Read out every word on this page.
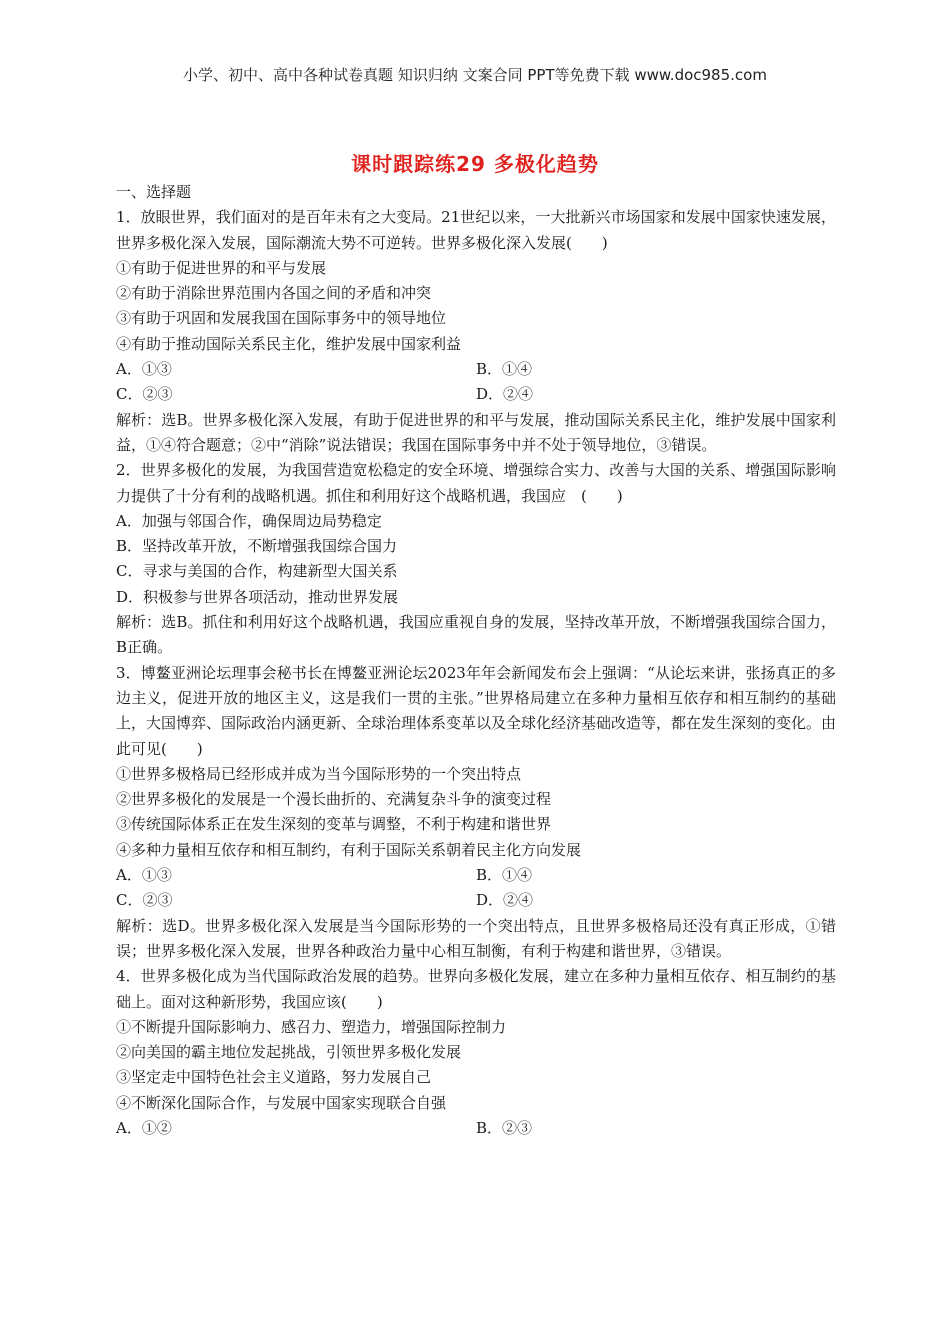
小学、初中、高中各种试卷真题 知识归纳 文案合同 PPT等免费下载 www.doc985.com
课时跟踪练29 多极化趋势
一、选择题
1．放眼世界，我们面对的是百年未有之大变局。21世纪以来，一大批新兴市场国家和发展中国家快速发展，世界多极化深入发展，国际潮流大势不可逆转。世界多极化深入发展(　　)
①有助于促进世界的和平与发展
②有助于消除世界范围内各国之间的矛盾和冲突
③有助于巩固和发展我国在国际事务中的领导地位
④有助于推动国际关系民主化，维护发展中国家利益
A．①③	B．①④
C．②③	D．②④
解析：选B。世界多极化深入发展，有助于促进世界的和平与发展，推动国际关系民主化，维护发展中国家利益，①④符合题意；②中“消除”说法错误；我国在国际事务中并不处于领导地位，③错误。
2．世界多极化的发展，为我国营造宽松稳定的安全环境、增强综合实力、改善与大国的关系、增强国际影响力提供了十分有利的战略机遇。抓住和利用好这个战略机遇，我国应　(　　)
A．加强与邻国合作，确保周边局势稳定
B．坚持改革开放，不断增强我国综合国力
C．寻求与美国的合作，构建新型大国关系
D．积极参与世界各项活动，推动世界发展
解析：选B。抓住和利用好这个战略机遇，我国应重视自身的发展，坚持改革开放，不断增强我国综合国力，B正确。
3．博鳌亚洲论坛理事会秘书长在博鳌亚洲论坛2023年年会新闻发布会上强调：“从论坛来讲，张扬真正的多边主义，促进开放的地区主义，这是我们一贯的主张。”世界格局建立在多种力量相互依存和相互制约的基础上，大国博弈、国际政治内涵更新、全球治理体系变革以及全球化经济基础改造等，都在发生深刻的变化。由此可见(　　)
①世界多极格局已经形成并成为当今国际形势的一个突出特点
②世界多极化的发展是一个漫长曲折的、充满复杂斗争的演变过程
③传统国际体系正在发生深刻的变革与调整，不利于构建和谐世界
④多种力量相互依存和相互制约，有利于国际关系朝着民主化方向发展
A．①③	B．①④
C．②③	D．②④
解析：选D。世界多极化深入发展是当今国际形势的一个突出特点，且世界多极格局还没有真正形成，①错误；世界多极化深入发展，世界各种政治力量中心相互制衡，有利于构建和谐世界，③错误。
4．世界多极化成为当代国际政治发展的趋势。世界向多极化发展，建立在多种力量相互依存、相互制约的基础上。面对这种新形势，我国应该(　　)
①不断提升国际影响力、感召力、塑造力，增强国际控制力
②向美国的霸主地位发起挑战，引领世界多极化发展
③坚定走中国特色社会主义道路，努力发展自己
④不断深化国际合作，与发展中国家实现联合自强
A．①②	B．②③
